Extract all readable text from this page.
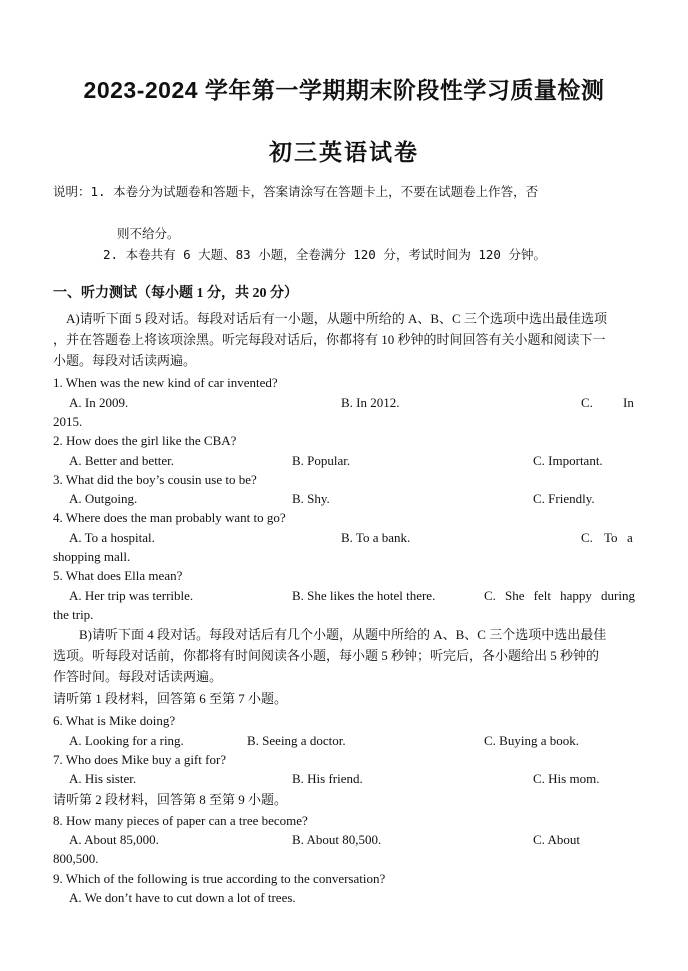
2023-2024 学年第一学期期末阶段性学习质量检测
初三英语试卷
说明：1. 本卷分为试题卷和答题卡，答案请涂写在答题卡上，不要在试题卷上作答，否
则不给分。
2. 本卷共有 6 大题、83 小题，全卷满分 120 分，考试时间为 120 分钟。
一、听力测试（每小题 1 分，共 20 分）
A)请听下面 5 段对话。每段对话后有一小题，从题中所给的 A、B、C 三个选项中选出最佳选项
，并在答题卷上将该项涂黑。听完每段对话后，你都将有 10 秒钟的时间回答有关小题和阅读下一
小题。每段对话读两遍。
1. When was the new kind of car invented?
A. In 2009.	B. In 2012.	C. In
2015.
2. How does the girl like the CBA?
A. Better and better.	B. Popular.	C. Important.
3. What did the boy’s cousin use to be?
A. Outgoing.	B. Shy.	C. Friendly.
4. Where does the man probably want to go?
A. To a hospital.	B. To a bank.	C. To a
shopping mall.
5. What does Ella mean?
A. Her trip was terrible.	B. She likes the hotel there.	C. She felt happy during
the trip.
B)请听下面 4 段对话。每段对话后有几个小题，从题中所给的 A、B、C 三个选项中选出最佳
选项。听每段对话前，你都将有时间阅读各小题，每小题 5 秒钟；听完后，各小题给出 5 秒钟的
作答时间。每段对话读两遍。
请听第 1 段材料，回答第 6 至第 7 小题。
6. What is Mike doing?
A. Looking for a ring.	B. Seeing a doctor.	C. Buying a book.
7. Who does Mike buy a gift for?
A. His sister.	B. His friend.	C. His mom.
请听第 2 段材料，回答第 8 至第 9 小题。
8. How many pieces of paper can a tree become?
A. About 85,000.	B. About 80,500.	C. About
800,500.
9. Which of the following is true according to the conversation?
A. We don’t have to cut down a lot of trees.
